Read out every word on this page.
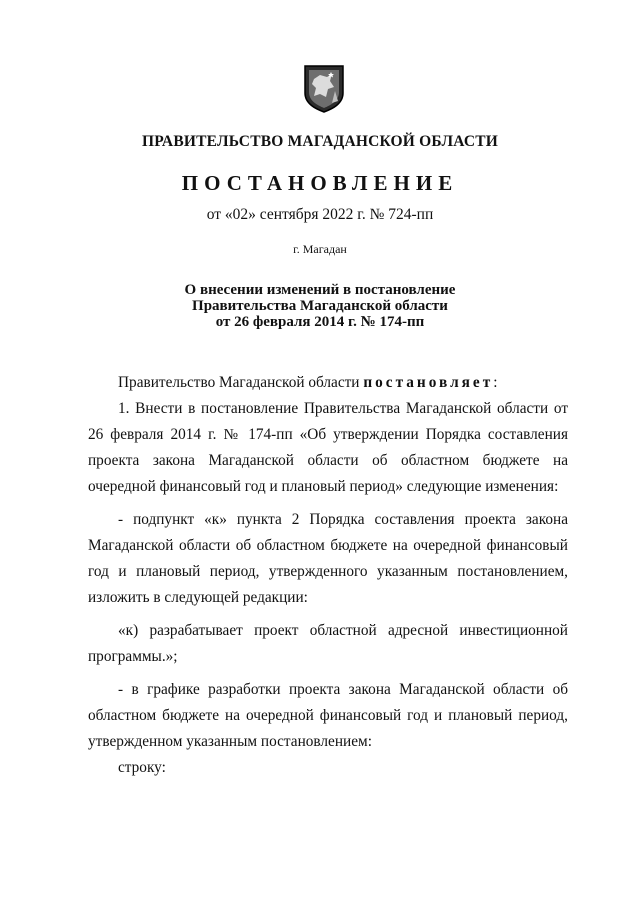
ПРАВИТЕЛЬСТВО МАГАДАНСКОЙ ОБЛАСТИ
ПОСТАНОВЛЕНИЕ
от «02» сентября 2022 г. № 724-пп
г. Магадан
О внесении изменений в постановление
Правительства Магаданской области
от 26 февраля 2014 г. № 174-пп

Правительство Магаданской области постановляет:

1. Внести в постановление Правительства Магаданской области от 26 февраля 2014 г. № 174-пп «Об утверждении Порядка составления проекта закона Магаданской области об областном бюджете на очередной финансовый год и плановый период» следующие изменения:

- подпункт «к» пункта 2 Порядка составления проекта закона Магаданской области об областном бюджете на очередной финансовый год и плановый период, утвержденного указанным постановлением, изложить в следующей редакции:

«к) разрабатывает проект областной адресной инвестиционной программы.»;

- в графике разработки проекта закона Магаданской области об областном бюджете на очередной финансовый год и плановый период, утвержденном указанным постановлением:

строку:
